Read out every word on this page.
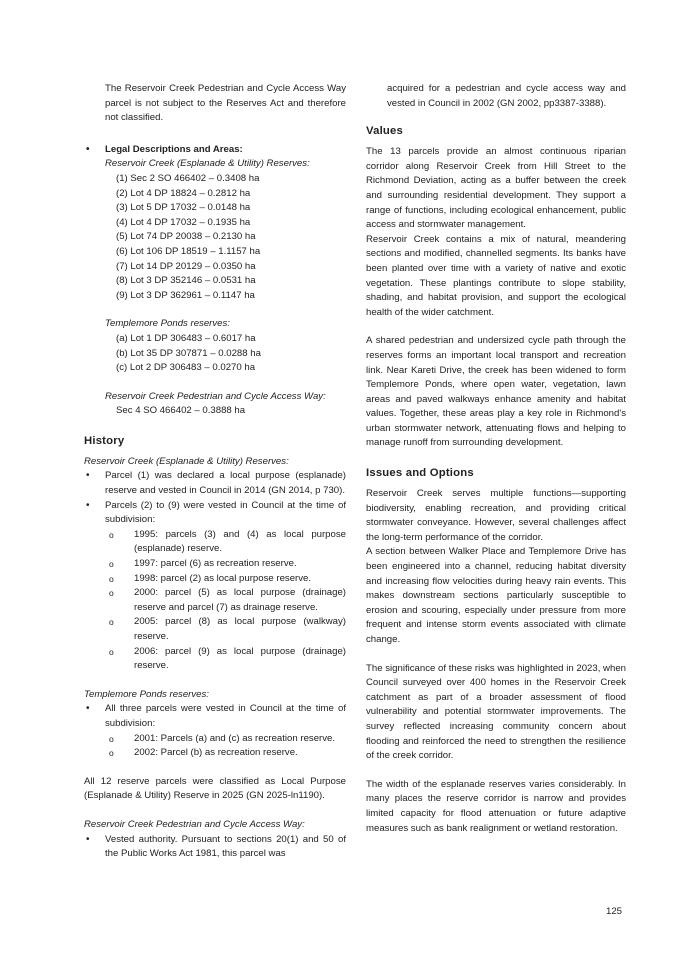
The Reservoir Creek Pedestrian and Cycle Access Way parcel is not subject to the Reserves Act and therefore not classified.

• Legal Descriptions and Areas:

Reservoir Creek (Esplanade & Utility) Reserves:

(1) Sec 2 SO 466402 – 0.3408 ha

(2) Lot 4 DP 18824 – 0.2812 ha

(3) Lot 5 DP 17032 – 0.0148 ha

(4) Lot 4 DP 17032 – 0.1935 ha

(5) Lot 74 DP 20038 – 0.2130 ha

(6) Lot 106 DP 18519 – 1.1157 ha

(7) Lot 14 DP 20129 – 0.0350 ha

(8) Lot 3 DP 352146 – 0.0531 ha

(9) Lot 3 DP 362961 – 0.1147 ha

Templemore Ponds reserves:

(a) Lot 1 DP 306483 – 0.6017 ha

(b) Lot 35 DP 307871 – 0.0288 ha

(c) Lot 2 DP 306483 – 0.0270 ha

Reservoir Creek Pedestrian and Cycle Access Way:

Sec 4 SO 466402 – 0.3888 ha

History

Reservoir Creek (Esplanade & Utility) Reserves:

• Parcel (1) was declared a local purpose (esplanade) reserve and vested in Council in 2014 (GN 2014, p 730).

• Parcels (2) to (9) were vested in Council at the time of subdivision:

o 1995: parcels (3) and (4) as local purpose (esplanade) reserve.

o 1997: parcel (6) as recreation reserve.

o 1998: parcel (2) as local purpose reserve.

o 2000: parcel (5) as local purpose (drainage) reserve and parcel (7) as drainage reserve.

o 2005: parcel (8) as local purpose (walkway) reserve.

o 2006: parcel (9) as local purpose (drainage) reserve.

Templemore Ponds reserves:

• All three parcels were vested in Council at the time of subdivision:

o 2001: Parcels (a) and (c) as recreation reserve.

o 2002: Parcel (b) as recreation reserve.

All 12 reserve parcels were classified as Local Purpose (Esplanade & Utility) Reserve in 2025 (GN 2025-ln1190).

Reservoir Creek Pedestrian and Cycle Access Way:

• Vested authority. Pursuant to sections 20(1) and 50 of the Public Works Act 1981, this parcel was

acquired for a pedestrian and cycle access way and vested in Council in 2002 (GN 2002, pp3387-3388).

Values

The 13 parcels provide an almost continuous riparian corridor along Reservoir Creek from Hill Street to the Richmond Deviation, acting as a buffer between the creek and surrounding residential development. They support a range of functions, including ecological enhancement, public access and stormwater management.

Reservoir Creek contains a mix of natural, meandering sections and modified, channelled segments. Its banks have been planted over time with a variety of native and exotic vegetation. These plantings contribute to slope stability, shading, and habitat provision, and support the ecological health of the wider catchment.

A shared pedestrian and undersized cycle path through the reserves forms an important local transport and recreation link. Near Kareti Drive, the creek has been widened to form Templemore Ponds, where open water, vegetation, lawn areas and paved walkways enhance amenity and habitat values. Together, these areas play a key role in Richmond's urban stormwater network, attenuating flows and helping to manage runoff from surrounding development.

Issues and Options

Reservoir Creek serves multiple functions—supporting biodiversity, enabling recreation, and providing critical stormwater conveyance. However, several challenges affect the long-term performance of the corridor.

A section between Walker Place and Templemore Drive has been engineered into a channel, reducing habitat diversity and increasing flow velocities during heavy rain events. This makes downstream sections particularly susceptible to erosion and scouring, especially under pressure from more frequent and intense storm events associated with climate change.

The significance of these risks was highlighted in 2023, when Council surveyed over 400 homes in the Reservoir Creek catchment as part of a broader assessment of flood vulnerability and potential stormwater improvements. The survey reflected increasing community concern about flooding and reinforced the need to strengthen the resilience of the creek corridor.

The width of the esplanade reserves varies considerably. In many places the reserve corridor is narrow and provides limited capacity for flood attenuation or future adaptive measures such as bank realignment or wetland restoration.

125
